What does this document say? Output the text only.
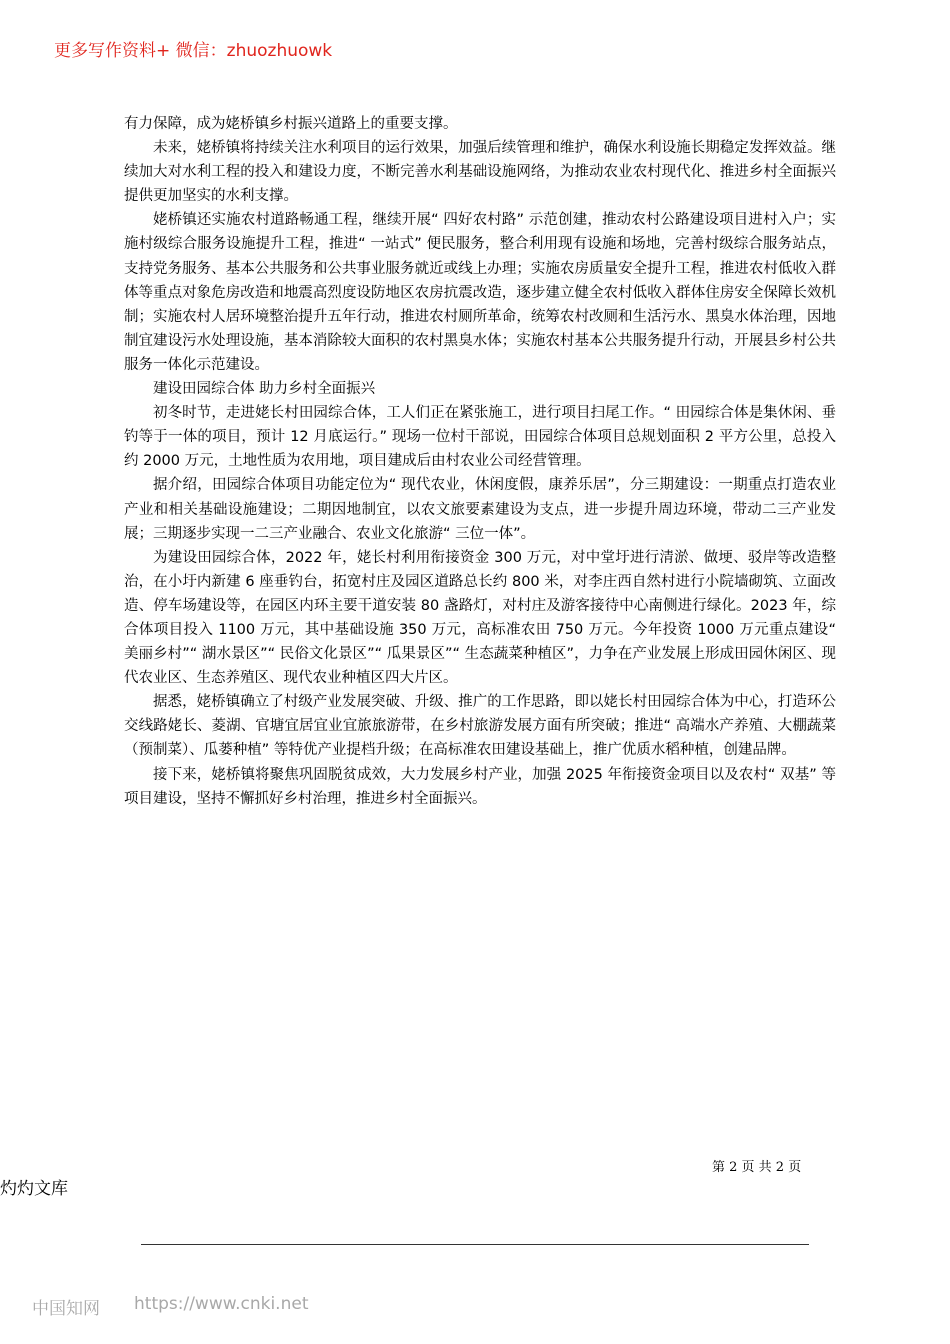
更多写作资料+ 微信：zhuozhuowk

有力保障，成为姥桥镇乡村振兴道路上的重要支撑。

未来，姥桥镇将持续关注水利项目的运行效果，加强后续管理和维护，确保水利设施长期稳定发挥效益。继续加大对水利工程的投入和建设力度，不断完善水利基础设施网络，为推动农业农村现代化、推进乡村全面振兴提供更加坚实的水利支撑。

姥桥镇还实施农村道路畅通工程，继续开展“ 四好农村路” 示范创建，推动农村公路建设项目进村入户；实施村级综合服务设施提升工程，推进“ 一站式” 便民服务，整合利用现有设施和场地，完善村级综合服务站点，支持党务服务、基本公共服务和公共事业服务就近或线上办理；实施农房质量安全提升工程，推进农村低收入群体等重点对象危房改造和地震高烈度设防地区农房抗震改造，逐步建立健全农村低收入群体住房安全保障长效机制；实施农村人居环境整治提升五年行动，推进农村厕所革命，统筹农村改厕和生活污水、黑臭水体治理，因地制宜建设污水处理设施，基本消除较大面积的农村黑臭水体；实施农村基本公共服务提升行动，开展县乡村公共服务一体化示范建设。

建设田园综合体 助力乡村全面振兴

初冬时节，走进姥长村田园综合体，工人们正在紧张施工，进行项目扫尾工作。“ 田园综合体是集休闲、垂钓等于一体的项目，预计 12 月底运行。” 现场一位村干部说，田园综合体项目总规划面积 2 平方公里，总投入约 2000 万元，土地性质为农用地，项目建成后由村农业公司经营管理。

据介绍，田园综合体项目功能定位为“ 现代农业，休闲度假，康养乐居”，分三期建设：一期重点打造农业产业和相关基础设施建设；二期因地制宜，以农文旅要素建设为支点，进一步提升周边环境，带动二三产业发展；三期逐步实现一二三产业融合、农业文化旅游“ 三位一体”。

为建设田园综合体，2022 年，姥长村利用衔接资金 300 万元，对中堂圩进行清淤、做埂、驳岸等改造整治，在小圩内新建 6 座垂钓台，拓宽村庄及园区道路总长约 800 米，对李庄西自然村进行小院墙砌筑、立面改造、停车场建设等，在园区内环主要干道安装 80 盏路灯，对村庄及游客接待中心南侧进行绿化。2023 年，综合体项目投入 1100 万元，其中基础设施 350 万元，高标准农田 750 万元。今年投资 1000 万元重点建设“ 美丽乡村”“ 湖水景区”“ 民俗文化景区”“ 瓜果景区”“ 生态蔬菜种植区”，力争在产业发展上形成田园休闲区、现代农业区、生态养殖区、现代农业种植区四大片区。

据悉，姥桥镇确立了村级产业发展突破、升级、推广的工作思路，即以姥长村田园综合体为中心，打造环公交线路姥长、菱湖、官塘宜居宜业宜旅旅游带，在乡村旅游发展方面有所突破；推进“ 高端水产养殖、大棚蔬菜（预制菜）、瓜蒌种植” 等特优产业提档升级；在高标准农田建设基础上，推广优质水稻种植，创建品牌。

接下来，姥桥镇将聚焦巩固脱贫成效，大力发展乡村产业，加强 2025 年衔接资金项目以及农村“ 双基” 等项目建设，坚持不懈抓好乡村治理，推进乡村全面振兴。

第 2 页 共 2 页
灼灼文库
中国知网 https://www.cnki.net
